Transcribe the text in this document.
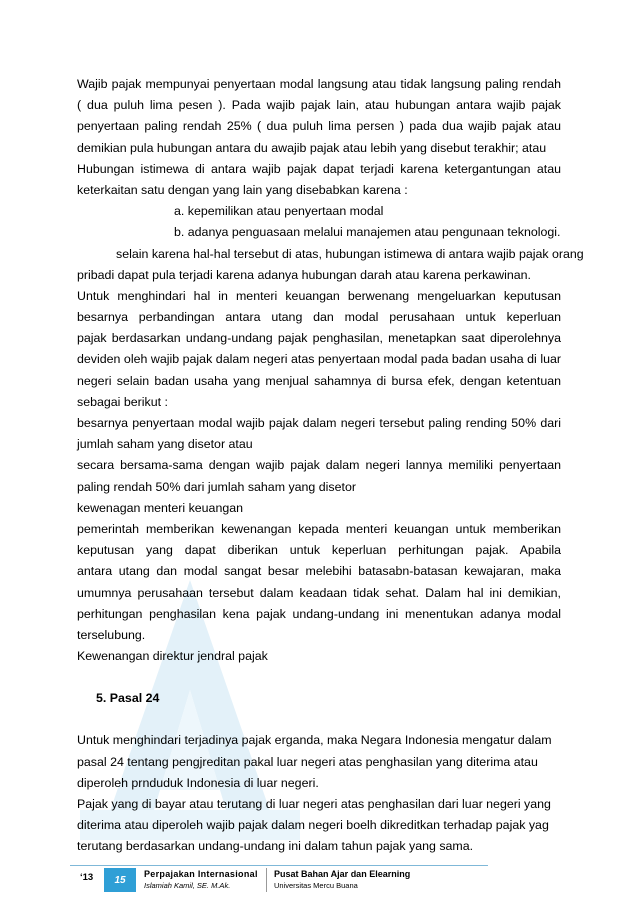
Wajib pajak mempunyai penyertaan modal langsung atau tidak langsung paling rendah
( dua puluh lima pesen ). Pada wajib pajak lain, atau hubungan antara wajib pajak
penyertaan paling rendah 25% ( dua puluh lima persen ) pada dua wajib pajak atau
demikian pula hubungan antara du awajib pajak atau lebih yang disebut terakhir; atau
Hubungan istimewa di antara wajib pajak dapat terjadi karena ketergantungan atau
keterkaitan satu dengan yang lain yang disebabkan karena :
a. kepemilikan atau penyertaan modal
b. adanya penguasaan melalui manajemen atau pengunaan teknologi.
selain karena hal-hal tersebut di atas, hubungan istimewa di antara wajib pajak orang
pribadi dapat pula terjadi karena adanya hubungan darah atau karena perkawinan.
Untuk menghindari hal in menteri keuangan berwenang mengeluarkan keputusan
besarnya perbandingan antara utang dan modal perusahaan untuk keperluan
pajak berdasarkan undang-undang pajak penghasilan, menetapkan saat diperolehnya
deviden oleh wajib pajak dalam negeri atas penyertaan modal pada badan usaha di luar
negeri selain badan usaha yang menjual sahamnya di bursa efek, dengan ketentuan
sebagai berikut :
besarnya penyertaan modal wajib pajak dalam negeri tersebut paling rending 50% dari
jumlah saham yang disetor atau
secara bersama-sama dengan wajib pajak dalam negeri lannya memiliki penyertaan
paling rendah 50% dari jumlah saham yang disetor
kewenagan menteri keuangan
pemerintah memberikan kewenangan kepada menteri keuangan untuk memberikan
keputusan yang dapat diberikan untuk keperluan perhitungan pajak. Apabila
antara utang dan modal sangat besar melebihi batasabn-batasan kewajaran, maka
umumnya perusahaan tersebut dalam keadaan tidak sehat. Dalam hal ini demikian,
perhitungan penghasilan kena pajak undang-undang ini menentukan adanya modal
terselubung.
Kewenangan direktur jendral pajak
5. Pasal 24
Untuk menghindari terjadinya pajak erganda, maka Negara Indonesia mengatur dalam
pasal 24 tentang pengjreditan pakal luar negeri atas penghasilan yang diterima atau
diperoleh prnduduk Indonesia di luar negeri.
Pajak yang di bayar atau terutang di luar negeri atas penghasilan dari luar negeri yang
diterima atau diperoleh wajib pajak dalam negeri boelh dikreditkan terhadap pajak yag
terutang berdasarkan undang-undang ini dalam tahun pajak yang sama.
‘13	15
Perpajakan Internasional
Islamiah Kamil, SE. M.Ak.
Pusat Bahan Ajar dan Elearning
Universitas Mercu Buana
